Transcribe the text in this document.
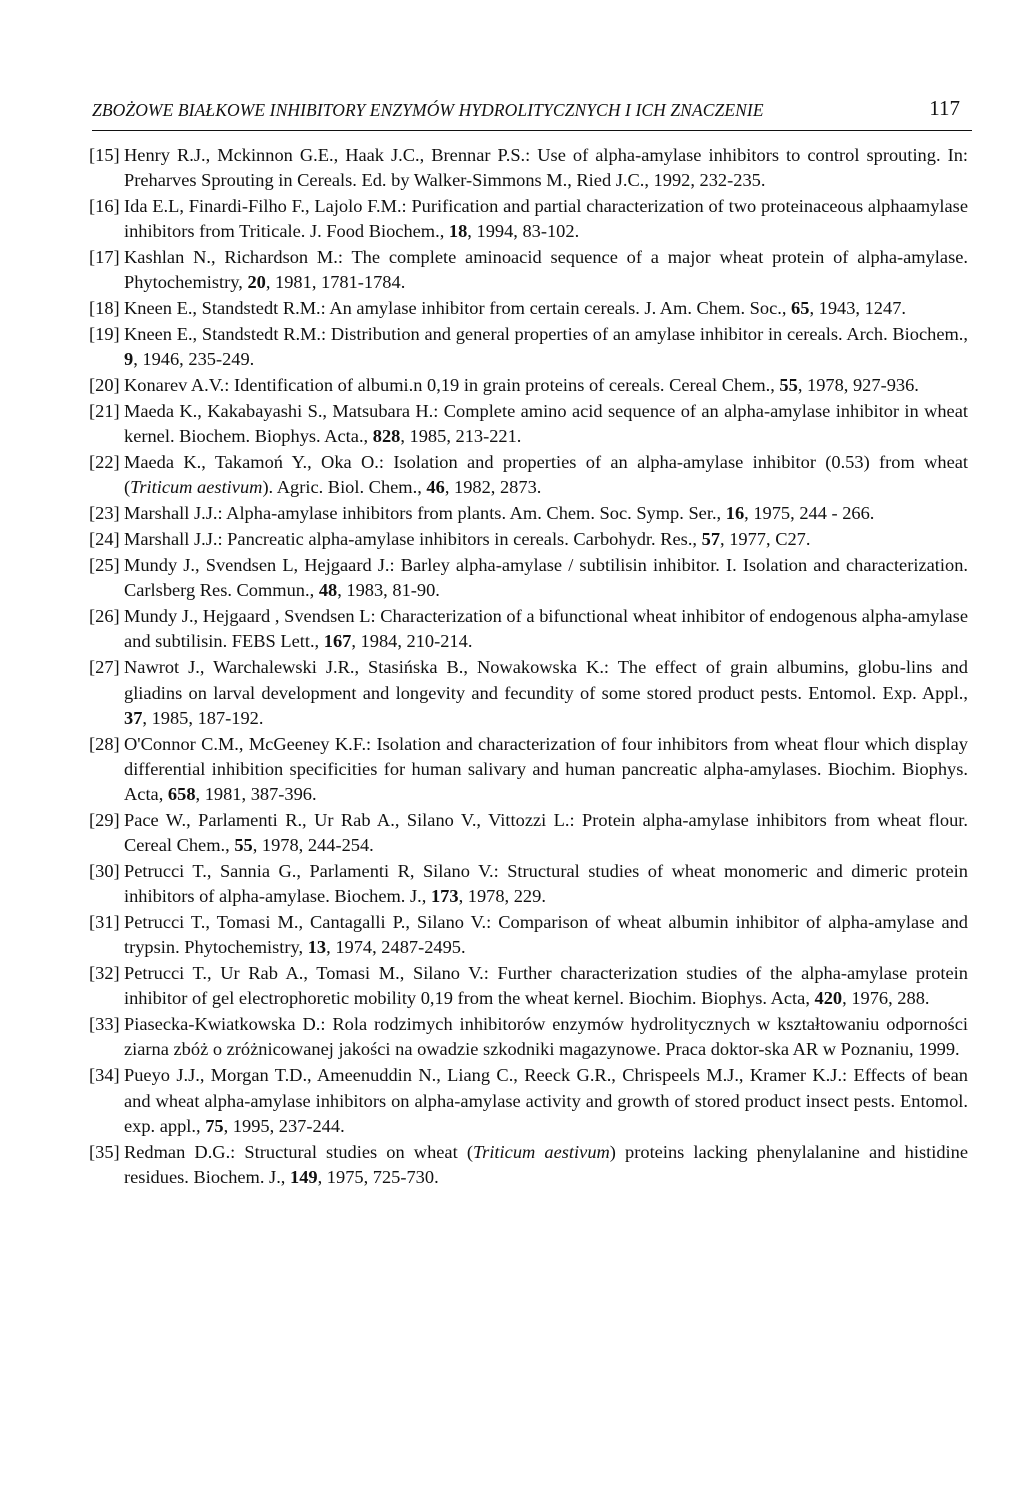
ZBOŻOWE BIAŁKOWE INHIBITORY ENZYMÓW HYDROLITYCZNYCH I ICH ZNACZENIE	117
[15] Henry R.J., Mckinnon G.E., Haak J.C., Brennar P.S.: Use of alpha-amylase inhibitors to control sprouting. In: Preharves Sprouting in Cereals. Ed. by Walker-Simmons M., Ried J.C., 1992, 232-235.
[16] Ida E.L, Finardi-Filho F., Lajolo F.M.: Purification and partial characterization of two proteinaceous alphaamylase inhibitors from Triticale. J. Food Biochem., 18, 1994, 83-102.
[17] Kashlan N., Richardson M.: The complete aminoacid sequence of a major wheat protein of alpha-amylase. Phytochemistry, 20, 1981, 1781-1784.
[18] Kneen E., Standstedt R.M.: An amylase inhibitor from certain cereals. J. Am. Chem. Soc., 65, 1943, 1247.
[19] Kneen E., Standstedt R.M.: Distribution and general properties of an amylase inhibitor in cereals. Arch. Biochem., 9, 1946, 235-249.
[20] Konarev A.V.: Identification of albumi.n 0,19 in grain proteins of cereals. Cereal Chem., 55, 1978, 927-936.
[21] Maeda K., Kakabayashi S., Matsubara H.: Complete amino acid sequence of an alpha-amylase inhibitor in wheat kernel. Biochem. Biophys. Acta., 828, 1985, 213-221.
[22] Maeda K., Takamoń Y., Oka O.: Isolation and properties of an alpha-amylase inhibitor (0.53) from wheat (Triticum aestivum). Agric. Biol. Chem., 46, 1982, 2873.
[23] Marshall J.J.: Alpha-amylase inhibitors from plants. Am. Chem. Soc. Symp. Ser., 16, 1975, 244 - 266.
[24] Marshall J.J.: Pancreatic alpha-amylase inhibitors in cereals. Carbohydr. Res., 57, 1977, C27.
[25] Mundy J., Svendsen L, Hejgaard J.: Barley alpha-amylase / subtilisin inhibitor. I. Isolation and characterization. Carlsberg Res. Commun., 48, 1983, 81-90.
[26] Mundy J., Hejgaard , Svendsen L: Characterization of a bifunctional wheat inhibitor of endogenous alpha-amylase and subtilisin. FEBS Lett., 167, 1984, 210-214.
[27] Nawrot J., Warchalewski J.R., Stasińska B., Nowakowska K.: The effect of grain albumins, globu-lins and gliadins on larval development and longevity and fecundity of some stored product pests. Entomol. Exp. Appl., 37, 1985, 187-192.
[28] O'Connor C.M., McGeeney K.F.: Isolation and characterization of four inhibitors from wheat flour which display differential inhibition specificities for human salivary and human pancreatic alpha-amylases. Biochim. Biophys. Acta, 658, 1981, 387-396.
[29] Pace W., Parlamenti R., Ur Rab A., Silano V., Vittozzi L.: Protein alpha-amylase inhibitors from wheat flour. Cereal Chem., 55, 1978, 244-254.
[30] Petrucci T., Sannia G., Parlamenti R, Silano V.: Structural studies of wheat monomeric and dimeric protein inhibitors of alpha-amylase. Biochem. J., 173, 1978, 229.
[31] Petrucci T., Tomasi M., Cantagalli P., Silano V.: Comparison of wheat albumin inhibitor of alpha-amylase and trypsin. Phytochemistry, 13, 1974, 2487-2495.
[32] Petrucci T., Ur Rab A., Tomasi M., Silano V.: Further characterization studies of the alpha-amylase protein inhibitor of gel electrophoretic mobility 0,19 from the wheat kernel. Biochim. Biophys. Acta, 420, 1976, 288.
[33] Piasecka-Kwiatkowska D.: Rola rodzimych inhibitorów enzymów hydrolitycznych w kształtowaniu odporności ziarna zbóż o zróżnicowanej jakości na owadzie szkodniki magazynowe. Praca doktor-ska AR w Poznaniu, 1999.
[34] Pueyo J.J., Morgan T.D., Ameenuddin N., Liang C., Reeck G.R., Chrispeels M.J., Kramer K.J.: Effects of bean and wheat alpha-amylase inhibitors on alpha-amylase activity and growth of stored product insect pests. Entomol. exp. appl., 75, 1995, 237-244.
[35] Redman D.G.: Structural studies on wheat (Triticum aestivum) proteins lacking phenylalanine and histidine residues. Biochem. J., 149, 1975, 725-730.
